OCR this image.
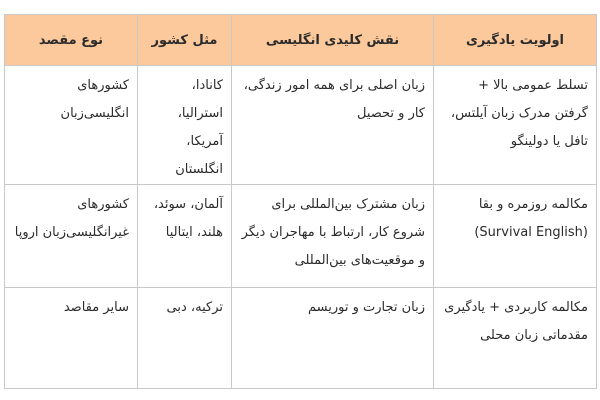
اولویت یادگیری	نقش کلیدی انگلیسی	مثل کشور	نوع مقصد
تسلط عمومی بالا + گرفتن مدرک زبان آیلتس، تافل یا دولینگو	زبان اصلی برای همه امور زندگی، کار و تحصیل	کانادا، استرالیا، آمریکا، انگلستان	کشورهای انگلیسی‌زبان
مکالمه روزمره و بقا (Survival English)	زبان مشترک بین‌المللی برای شروع کار، ارتباط با مهاجران دیگر و موقعیت‌های بین‌المللی	آلمان، سوئد، هلند، ایتالیا	کشورهای غیرانگلیسی‌زبان اروپا
مکالمه کاربردی + یادگیری مقدماتی زبان محلی	زبان تجارت و توریسم	ترکیه، دبی	سایر مقاصد
